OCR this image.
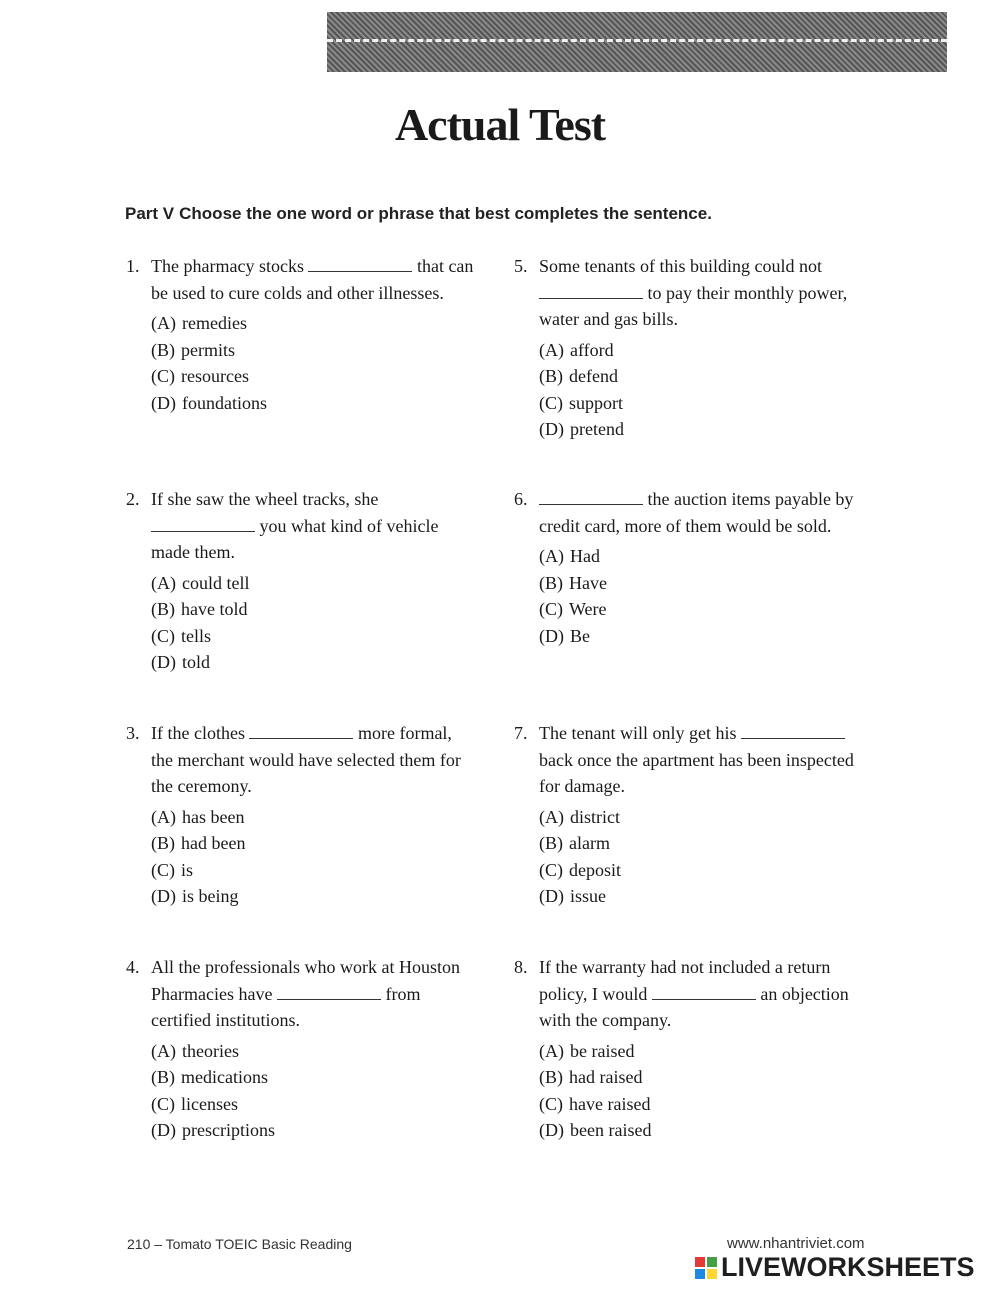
Actual Test
Part V Choose the one word or phrase that best completes the sentence.
1. The pharmacy stocks	that can be used to cure colds and other illnesses.
(A) remedies
(B) permits
(C) resources
(D) foundations
2. If she saw the wheel tracks, she  you what kind of vehicle made them.
(A) could tell
(B) have told
(C) tells
(D) told
3. If the clothes	more formal, the merchant would have selected them for the ceremony.
(A) has been
(B) had been
(C) is
(D) is being
4. All the professionals who work at Houston Pharmacies have	from certified institutions.
(A) theories
(B) medications
(C) licenses
(D) prescriptions
5. Some tenants of this building could not  to pay their monthly power, water and gas bills.
(A) afford
(B) defend
(C) support
(D) pretend
6.	the auction items payable by credit card, more of them would be sold.
(A) Had
(B) Have
(C) Were
(D) Be
7. The tenant will only get his  back once the apartment has been inspected for damage.
(A) district
(B) alarm
(C) deposit
(D) issue
8. If the warranty had not included a return policy, I would	an objection with the company.
(A) be raised
(B) had raised
(C) have raised
(D) been raised
210 – Tomato TOEIC Basic Reading	www.nhantriviet.com
LIVEWORKSHEETS
